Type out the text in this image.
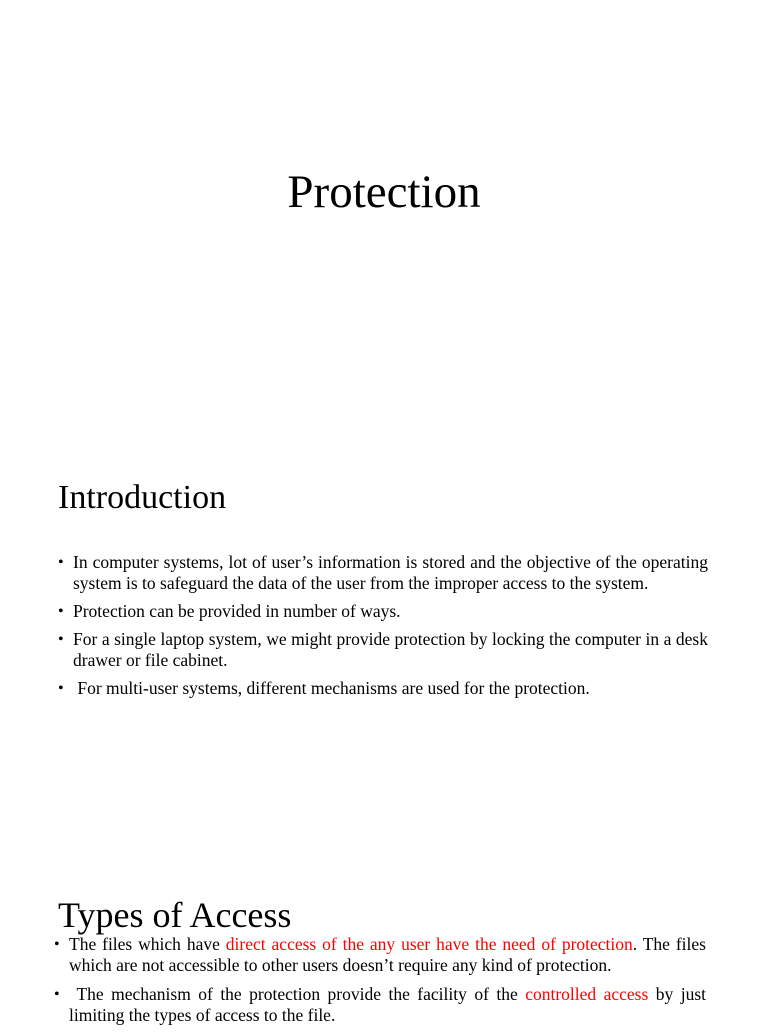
Protection
Introduction
• In computer systems, lot of user’s information is stored and the objective of the operating system is to safeguard the data of the user from the improper access to the system.
• Protection can be provided in number of ways.
• For a single laptop system, we might provide protection by locking the computer in a desk drawer or file cabinet.
• For multi-user systems, different mechanisms are used for the protection.
Types of Access
• The files which have direct access of the any user have the need of protection. The files which are not accessible to other users doesn’t require any kind of protection.
• The mechanism of the protection provide the facility of the controlled access by just limiting the types of access to the file.
